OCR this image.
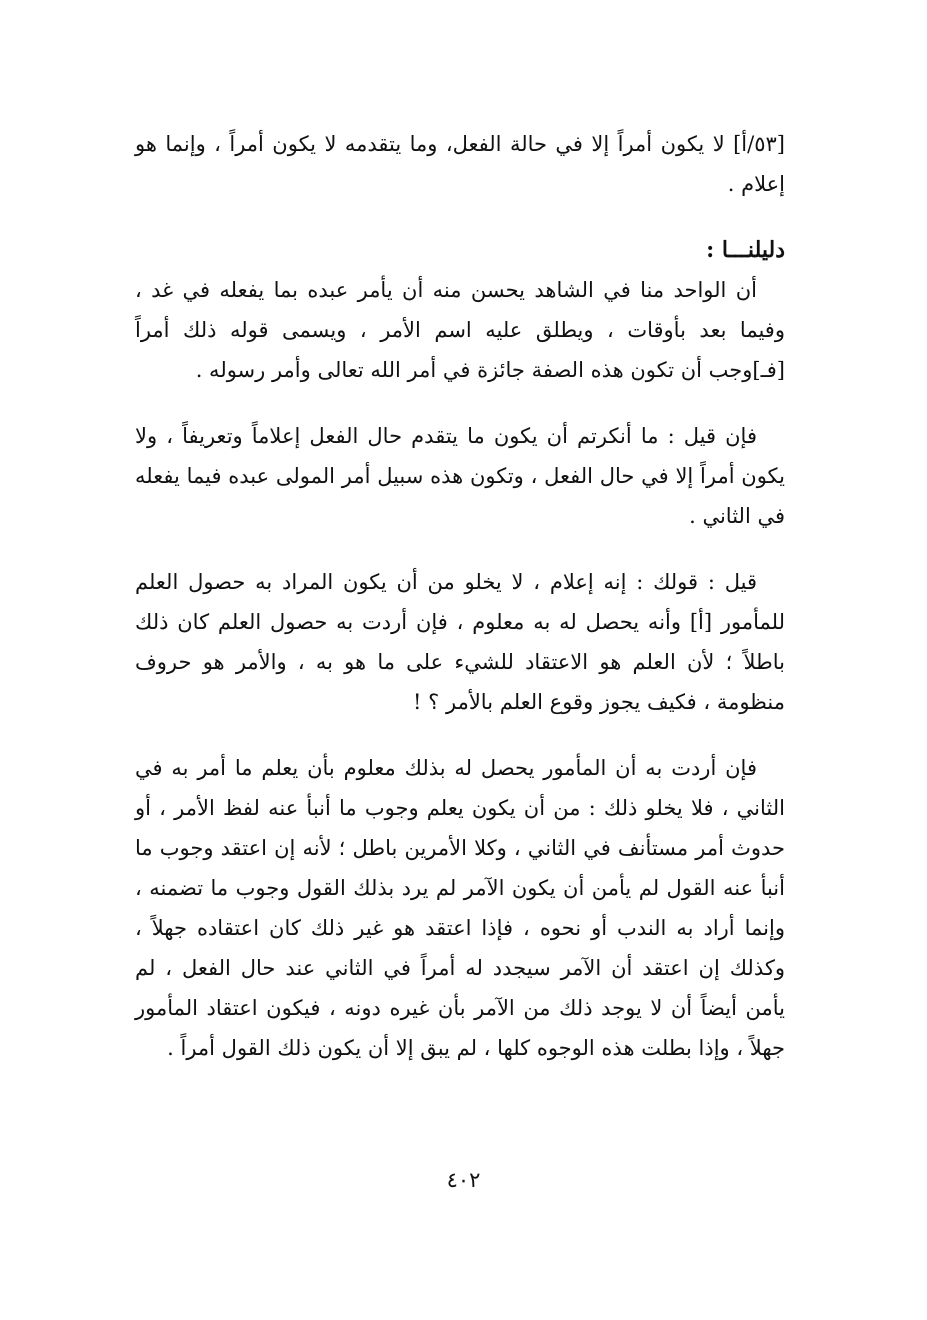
[٥٣/أ] لا يكون أمراً إلا في حالة الفعل، وما يتقدمه لا يكون أمراً ، وإنما هو إعلام .

دليلنـــا :

أن الواحد منا في الشاهد يحسن منه أن يأمر عبده بما يفعله في غد ، وفيما بعد بأوقات ، ويطلق عليه اسم الأمر ، ويسمى قوله ذلك أمراً [فـ]وجب أن تكون هذه الصفة جائزة في أمر الله تعالى وأمر رسوله .

فإن قيل : ما أنكرتم أن يكون ما يتقدم حال الفعل إعلاماً وتعريفاً ، ولا يكون أمراً إلا في حال الفعل ، وتكون هذه سبيل أمر المولى عبده فيما يفعله في الثاني .

قيل : قولك : إنه إعلام ، لا يخلو من أن يكون المراد به حصول العلم للمأمور [أ] وأنه يحصل له به معلوم ، فإن أردت به حصول العلم كان ذلك باطلاً ؛ لأن العلم هو الاعتقاد للشيء على ما هو به ، والأمر هو حروف منظومة ، فكيف يجوز وقوع العلم بالأمر ؟ !

فإن أردت به أن المأمور يحصل له بذلك معلوم بأن يعلم ما أمر به في الثاني ، فلا يخلو ذلك : من أن يكون يعلم وجوب ما أنبأ عنه لفظ الأمر ، أو حدوث أمر مستأنف في الثاني ، وكلا الأمرين باطل ؛ لأنه إن اعتقد وجوب ما أنبأ عنه القول لم يأمن أن يكون الآمر لم يرد بذلك القول وجوب ما تضمنه ، وإنما أراد به الندب أو نحوه ، فإذا اعتقد هو غير ذلك كان اعتقاده جهلاً ، وكذلك إن اعتقد أن الآمر سيجدد له أمراً في الثاني عند حال الفعل ، لم يأمن أيضاً أن لا يوجد ذلك من الآمر بأن غيره دونه ، فيكون اعتقاد المأمور جهلاً ، وإذا بطلت هذه الوجوه كلها ، لم يبق إلا أن يكون ذلك القول أمراً .

٤٠٢
